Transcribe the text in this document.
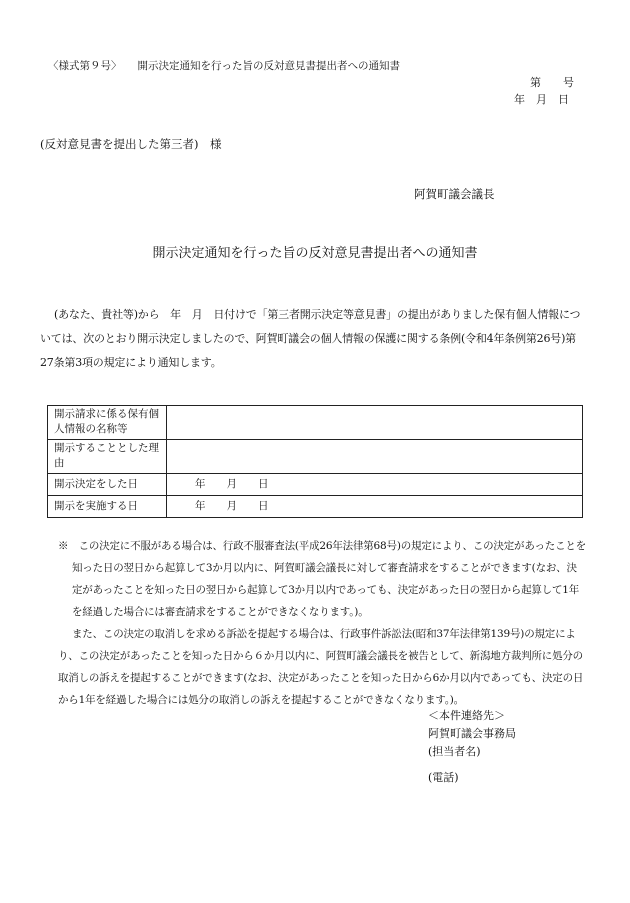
〈様式第９号〉 開示決定通知を行った旨の反対意見書提出者への通知書
第　　号
年　月　日
(反対意見書を提出した第三者)　様
阿賀町議会議長
開示決定通知を行った旨の反対意見書提出者への通知書
(あなた、貴社等)から　年　月　日付けで「第三者開示決定等意見書」の提出がありました保有個人情報については、次のとおり開示決定しましたので、阿賀町議会の個人情報の保護に関する条例(令和4年条例第26号)第27条第3項の規定により通知します。
開示請求に係る保有個人情報の名称等	
開示することとした理由	
開示決定をした日	年　　月　　日
開示を実施する日	年　　月　　日

※　この決定に不服がある場合は、行政不服審査法(平成26年法律第68号)の規定により、この決定があったことを知った日の翌日から起算して3か月以内に、阿賀町議会議長に対して審査請求をすることができます(なお、決定があったことを知った日の翌日から起算して3か月以内であっても、決定があった日の翌日から起算して1年を経過した場合には審査請求をすることができなくなります。)。

また、この決定の取消しを求める訴訟を提起する場合は、行政事件訴訟法(昭和37年法律第139号)の規定により、この決定があったことを知った日から６か月以内に、阿賀町議会議長を被告として、新潟地方裁判所に処分の取消しの訴えを提起することができます(なお、決定があったことを知った日から6か月以内であっても、決定の日から1年を経過した場合には処分の取消しの訴えを提起することができなくなります。)。

＜本件連絡先＞
阿賀町議会事務局
(担当者名)
(電話)
